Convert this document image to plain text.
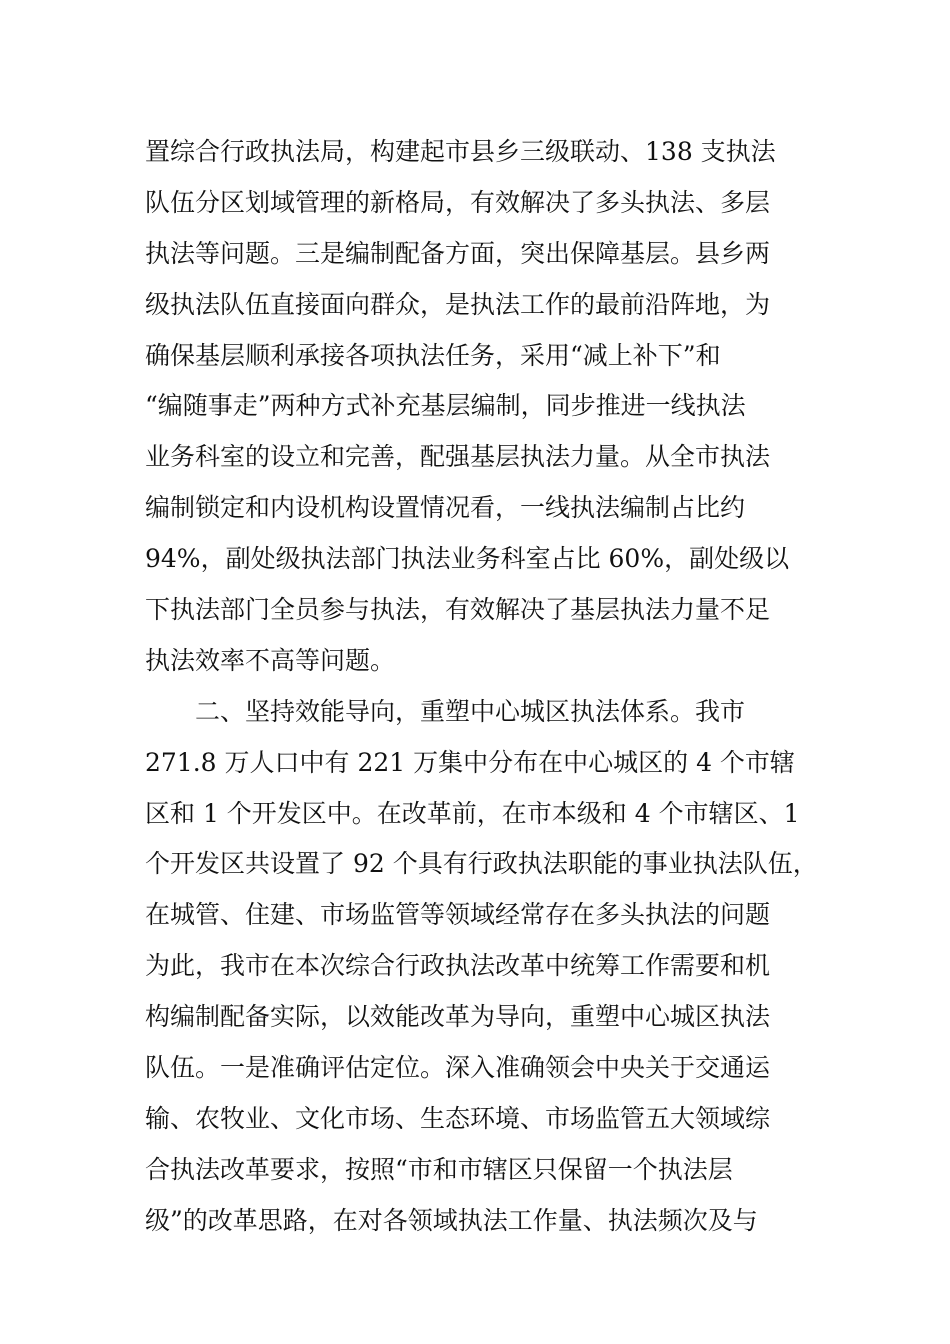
置综合行政执法局，构建起市县乡三级联动、138 支执法
队伍分区划域管理的新格局，有效解决了多头执法、多层
执法等问题。三是编制配备方面，突出保障基层。县乡两
级执法队伍直接面向群众，是执法工作的最前沿阵地，为
确保基层顺利承接各项执法任务，采用“减上补下”和
“编随事走”两种方式补充基层编制，同步推进一线执法
业务科室的设立和完善，配强基层执法力量。从全市执法
编制锁定和内设机构设置情况看，一线执法编制占比约
94%，副处级执法部门执法业务科室占比 60%，副处级以
下执法部门全员参与执法，有效解决了基层执法力量不足
执法效率不高等问题。
二、坚持效能导向，重塑中心城区执法体系。我市
271.8 万人口中有 221 万集中分布在中心城区的 4 个市辖
区和 1 个开发区中。在改革前，在市本级和 4 个市辖区、1
个开发区共设置了 92 个具有行政执法职能的事业执法队伍，
在城管、住建、市场监管等领域经常存在多头执法的问题
为此，我市在本次综合行政执法改革中统筹工作需要和机
构编制配备实际，以效能改革为导向，重塑中心城区执法
队伍。一是准确评估定位。深入准确领会中央关于交通运
输、农牧业、文化市场、生态环境、市场监管五大领域综
合执法改革要求，按照“市和市辖区只保留一个执法层
级”的改革思路，在对各领域执法工作量、执法频次及与
